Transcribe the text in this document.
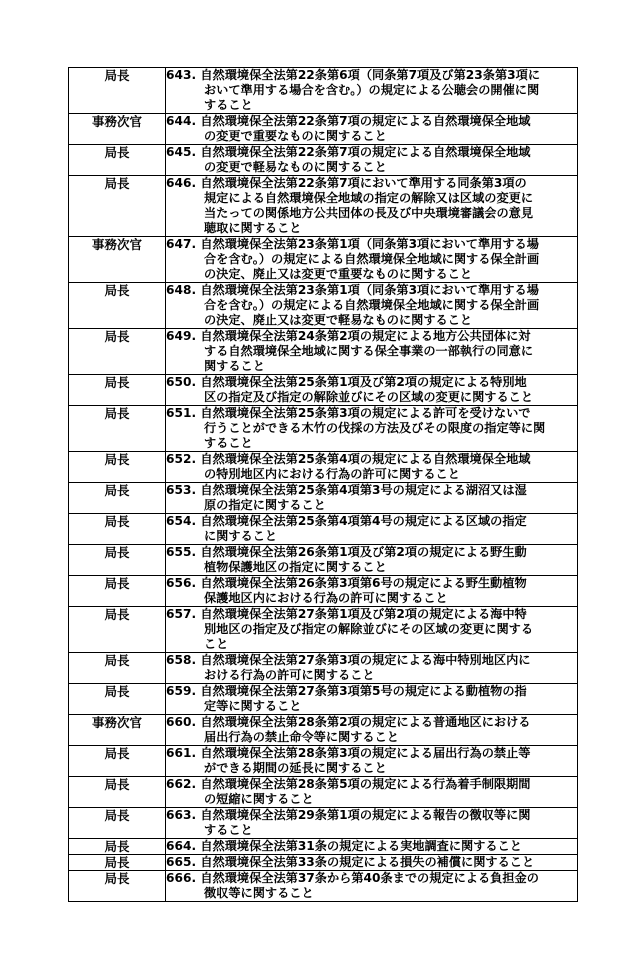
局長	643. 自然環境保全法第22条第6項（同条第7項及び第23条第3項に
おいて準用する場合を含む。）の規定による公聴会の開催に関
すること

事務次官	644. 自然環境保全法第22条第7項の規定による自然環境保全地域
の変更で重要なものに関すること

局長	645. 自然環境保全法第22条第7項の規定による自然環境保全地域
の変更で軽易なものに関すること

局長	646. 自然環境保全法第22条第7項において準用する同条第3項の
規定による自然環境保全地域の指定の解除又は区域の変更に
当たっての関係地方公共団体の長及び中央環境審議会の意見
聴取に関すること

事務次官	647. 自然環境保全法第23条第1項（同条第3項において準用する場
合を含む。）の規定による自然環境保全地域に関する保全計画
の決定、廃止又は変更で重要なものに関すること

局長	648. 自然環境保全法第23条第1項（同条第3項において準用する場
合を含む。）の規定による自然環境保全地域に関する保全計画
の決定、廃止又は変更で軽易なものに関すること

局長	649. 自然環境保全法第24条第2項の規定による地方公共団体に対
する自然環境保全地域に関する保全事業の一部執行の同意に
関すること

局長	650. 自然環境保全法第25条第1項及び第2項の規定による特別地
区の指定及び指定の解除並びにその区域の変更に関すること

局長	651. 自然環境保全法第25条第3項の規定による許可を受けないで
行うことができる木竹の伐採の方法及びその限度の指定等に関
すること

局長	652. 自然環境保全法第25条第4項の規定による自然環境保全地域
の特別地区内における行為の許可に関すること

局長	653. 自然環境保全法第25条第4項第3号の規定による湖沼又は湿
原の指定に関すること

局長	654. 自然環境保全法第25条第4項第4号の規定による区域の指定
に関すること

局長	655. 自然環境保全法第26条第1項及び第2項の規定による野生動
植物保護地区の指定に関すること

局長	656. 自然環境保全法第26条第3項第6号の規定による野生動植物
保護地区内における行為の許可に関すること

局長	657. 自然環境保全法第27条第1項及び第2項の規定による海中特
別地区の指定及び指定の解除並びにその区域の変更に関する
こと

局長	658. 自然環境保全法第27条第3項の規定による海中特別地区内に
おける行為の許可に関すること

局長	659. 自然環境保全法第27条第3項第5号の規定による動植物の指
定等に関すること

事務次官	660. 自然環境保全法第28条第2項の規定による普通地区における
届出行為の禁止命令等に関すること

局長	661. 自然環境保全法第28条第3項の規定による届出行為の禁止等
ができる期間の延長に関すること

局長	662. 自然環境保全法第28条第5項の規定による行為着手制限期間
の短縮に関すること

局長	663. 自然環境保全法第29条第1項の規定による報告の徴収等に関
すること

局長	664. 自然環境保全法第31条の規定による実地調査に関すること

局長	665. 自然環境保全法第33条の規定による損失の補償に関すること

局長	666. 自然環境保全法第37条から第40条までの規定による負担金の
徴収等に関すること
